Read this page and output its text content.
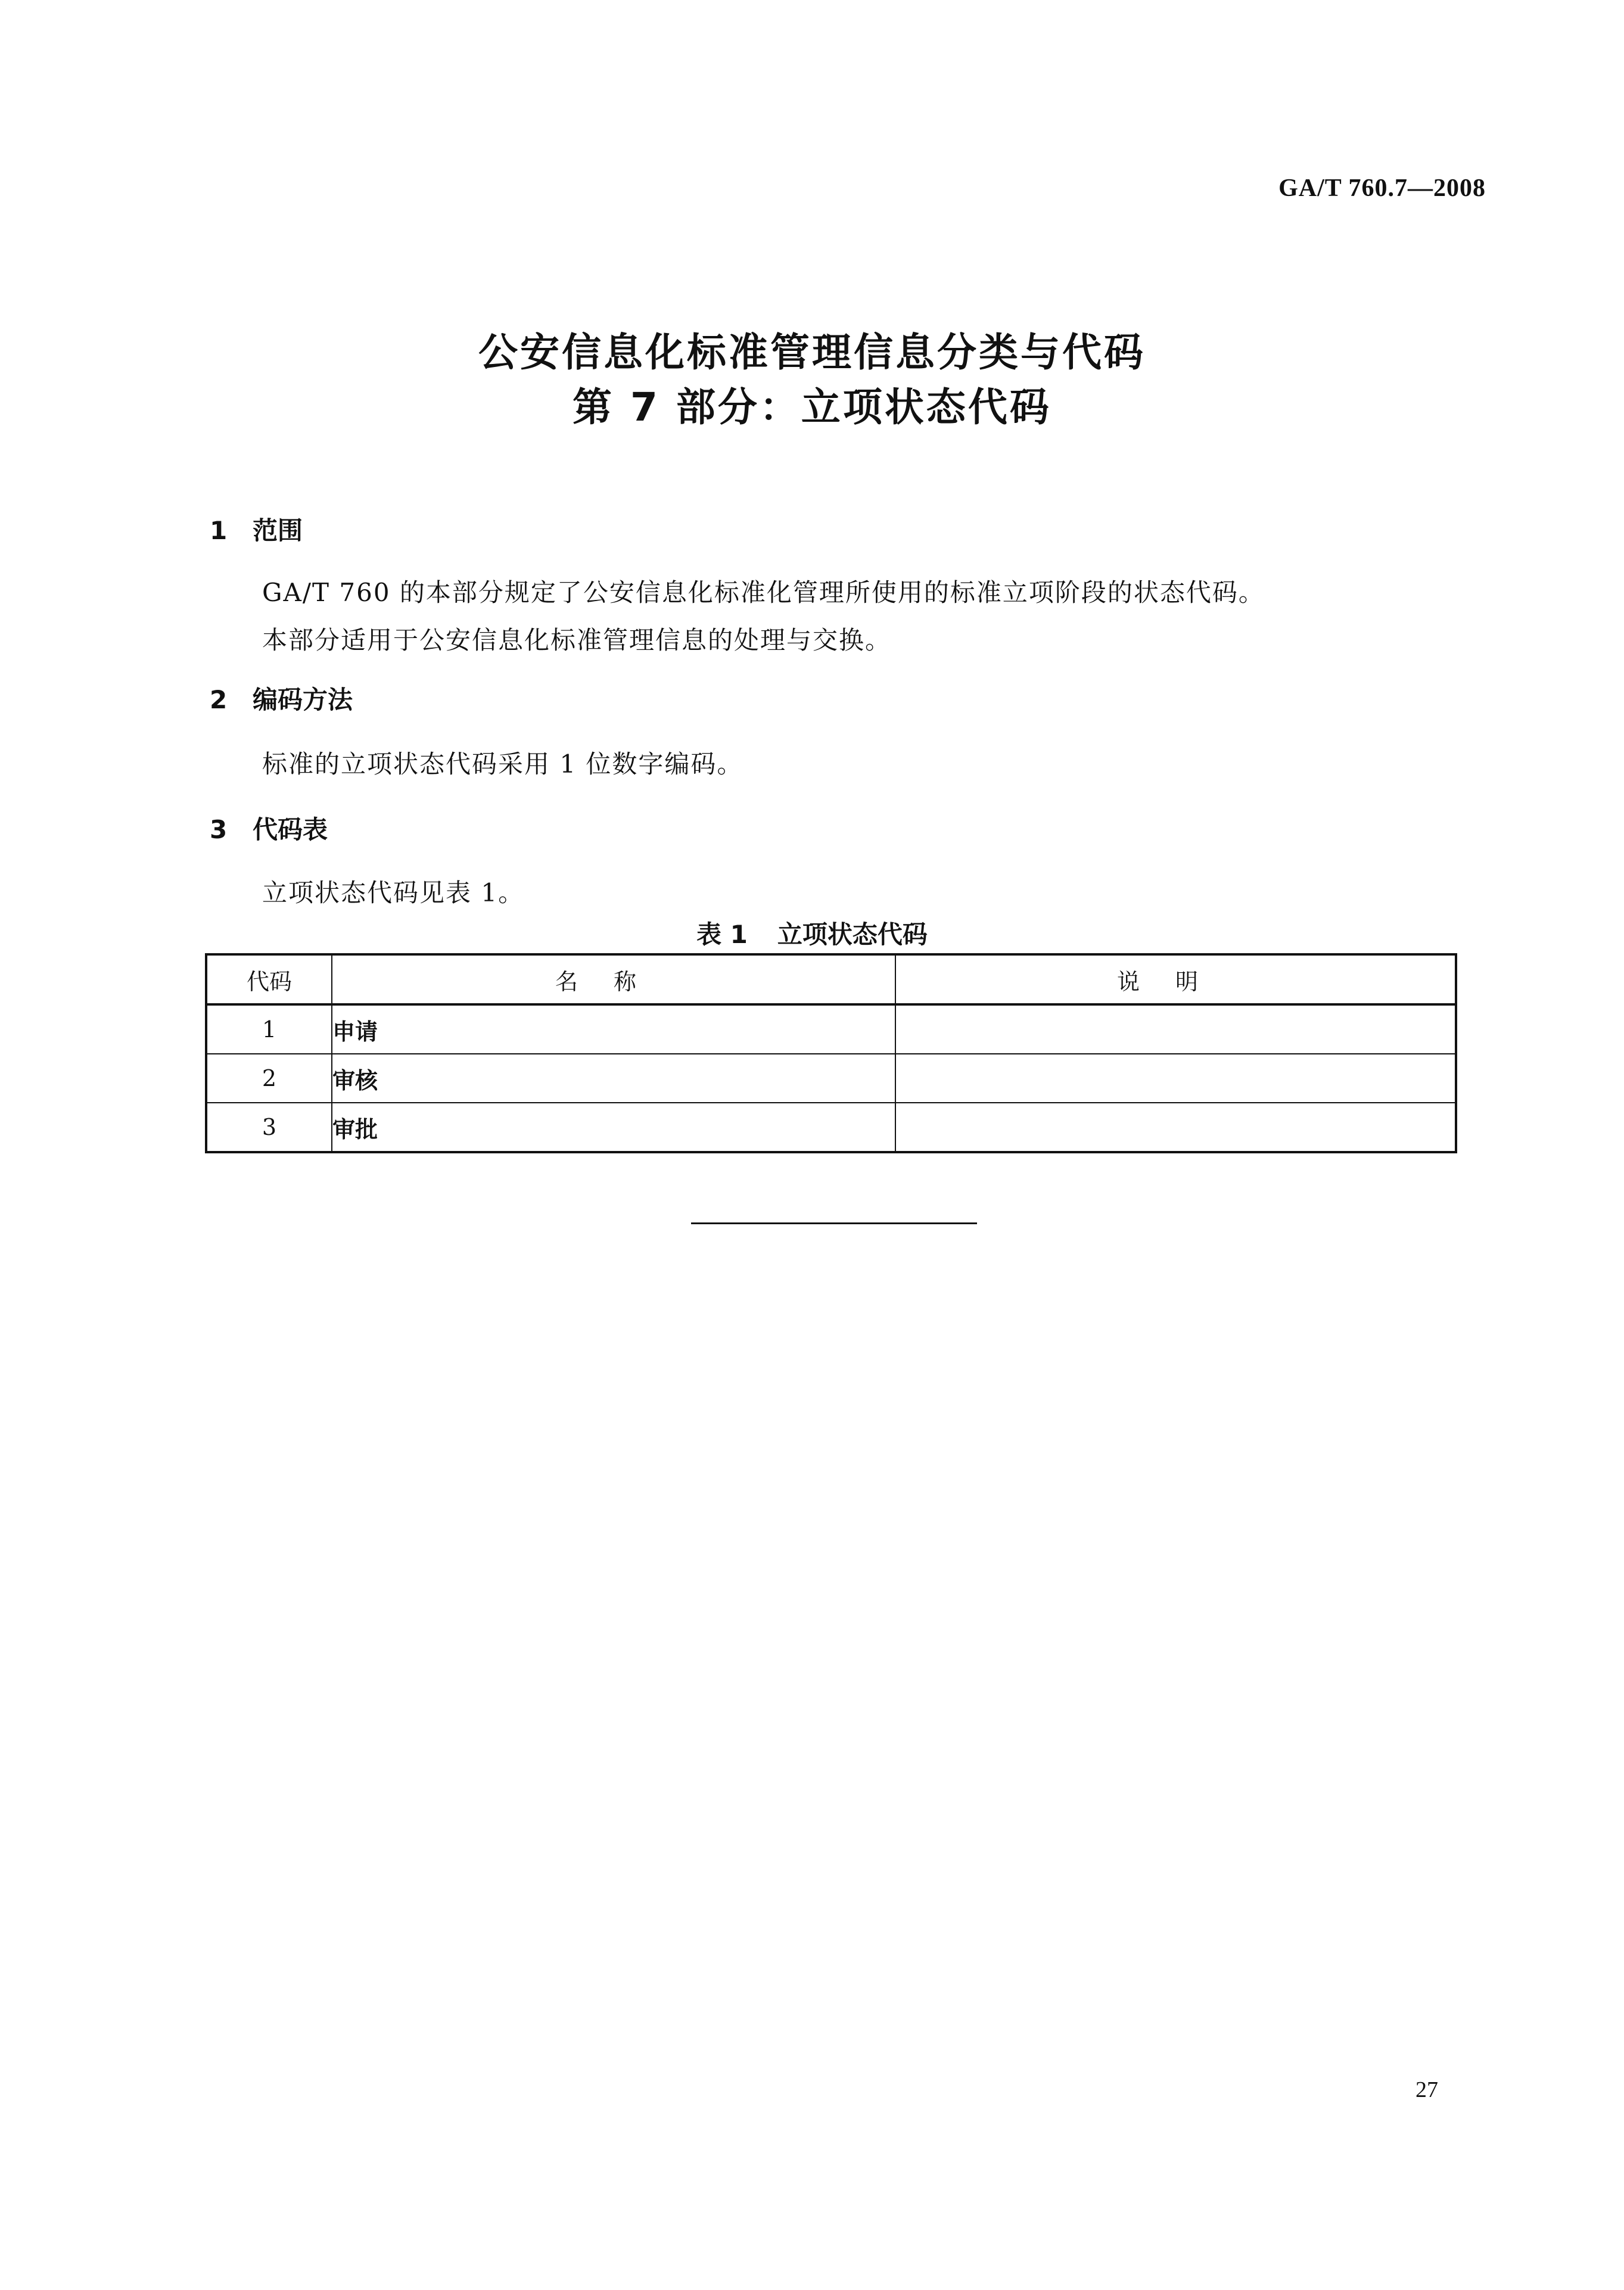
GA/T 760.7—2008
公安信息化标准管理信息分类与代码
第 7 部分：立项状态代码
1 范围
GA/T 760 的本部分规定了公安信息化标准化管理所使用的标准立项阶段的状态代码。
本部分适用于公安信息化标准管理信息的处理与交换。
2 编码方法
标准的立项状态代码采用 1 位数字编码。
3 代码表
立项状态代码见表 1。
表 1 立项状态代码
代码	名称	说明
1	申请	
2	审核	
3	审批	
27
